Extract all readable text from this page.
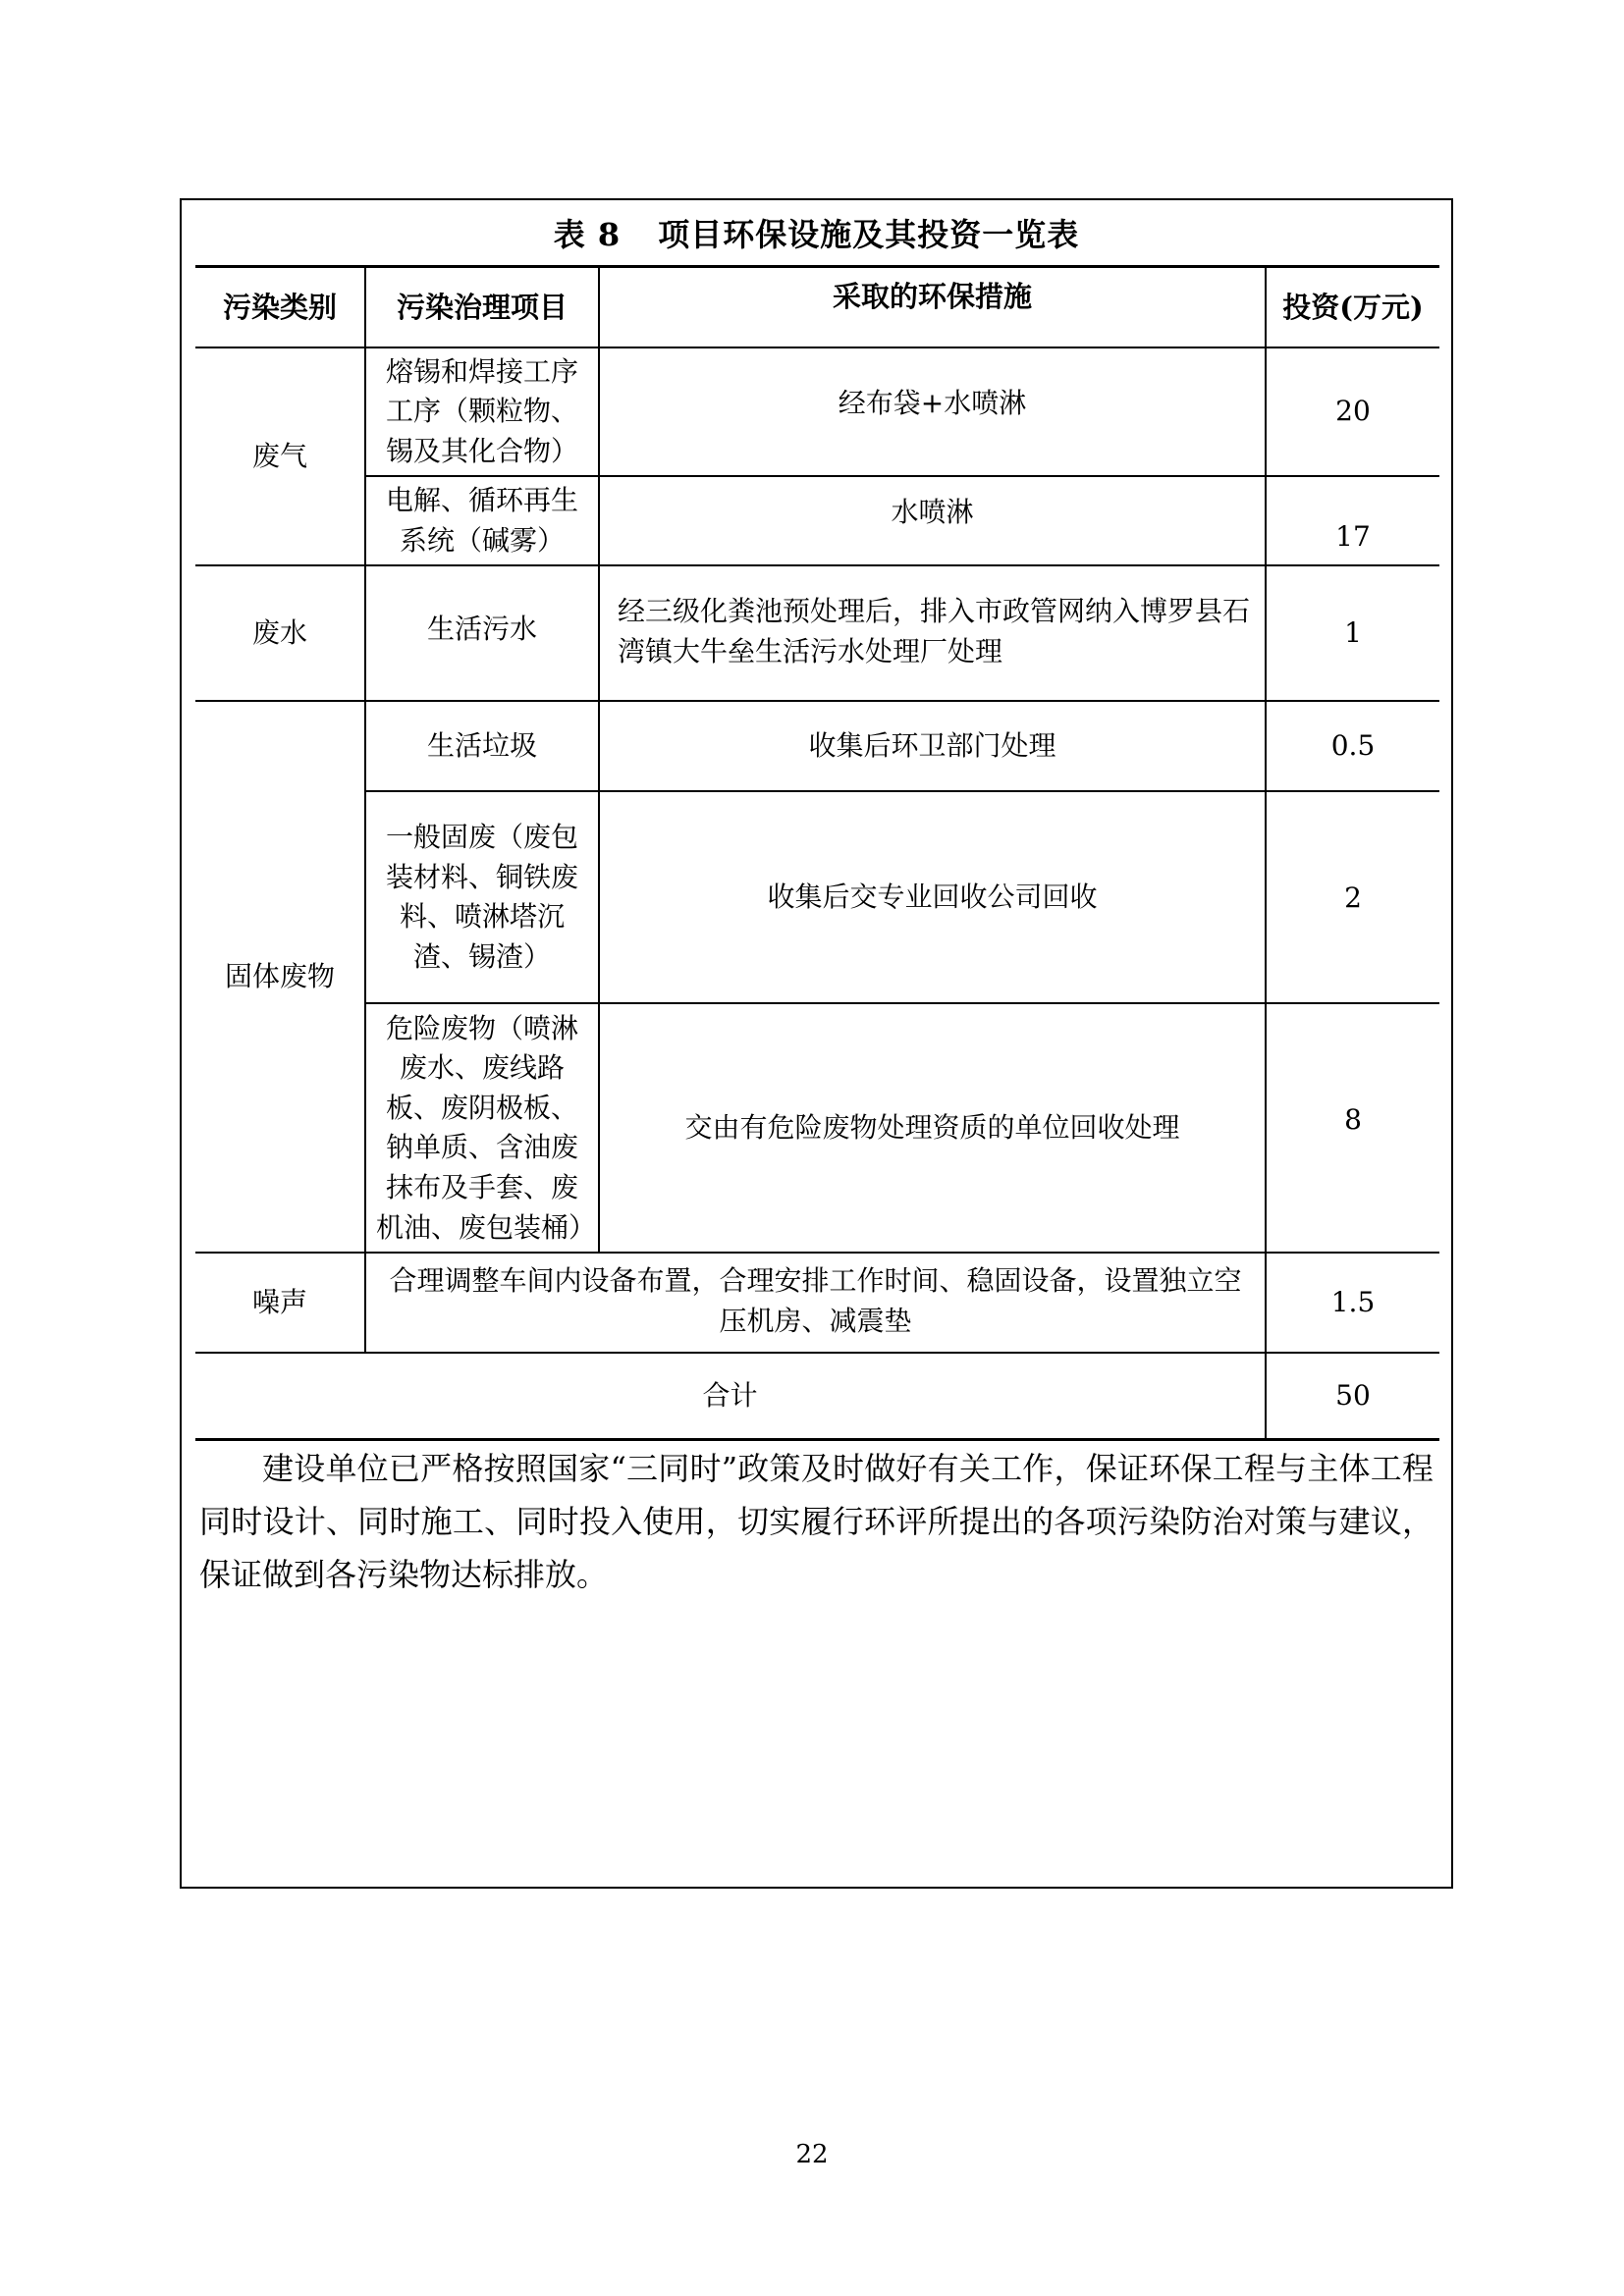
表 8 项目环保设施及其投资一览表
污染类别	污染治理项目	采取的环保措施	投资(万元)
废气	熔锡和焊接工序工序（颗粒物、锡及其化合物）	经布袋+水喷淋	20
	电解、循环再生系统（碱雾）	水喷淋	17
废水	生活污水	经三级化粪池预处理后，排入市政管网纳入博罗县石湾镇大牛垒生活污水处理厂处理	1
固体废物	生活垃圾	收集后环卫部门处理	0.5
	一般固废（废包装材料、铜铁废料、喷淋塔沉渣、锡渣）	收集后交专业回收公司回收	2
	危险废物（喷淋废水、废线路板、废阴极板、钠单质、含油废抹布及手套、废机油、废包装桶）	交由有危险废物处理资质的单位回收处理	8
噪声	合理调整车间内设备布置，合理安排工作时间、稳固设备，设置独立空压机房、减震垫		1.5
合计			50
建设单位已严格按照国家“三同时”政策及时做好有关工作，保证环保工程与主体工程同时设计、同时施工、同时投入使用，切实履行环评所提出的各项污染防治对策与建议，保证做到各污染物达标排放。
22
